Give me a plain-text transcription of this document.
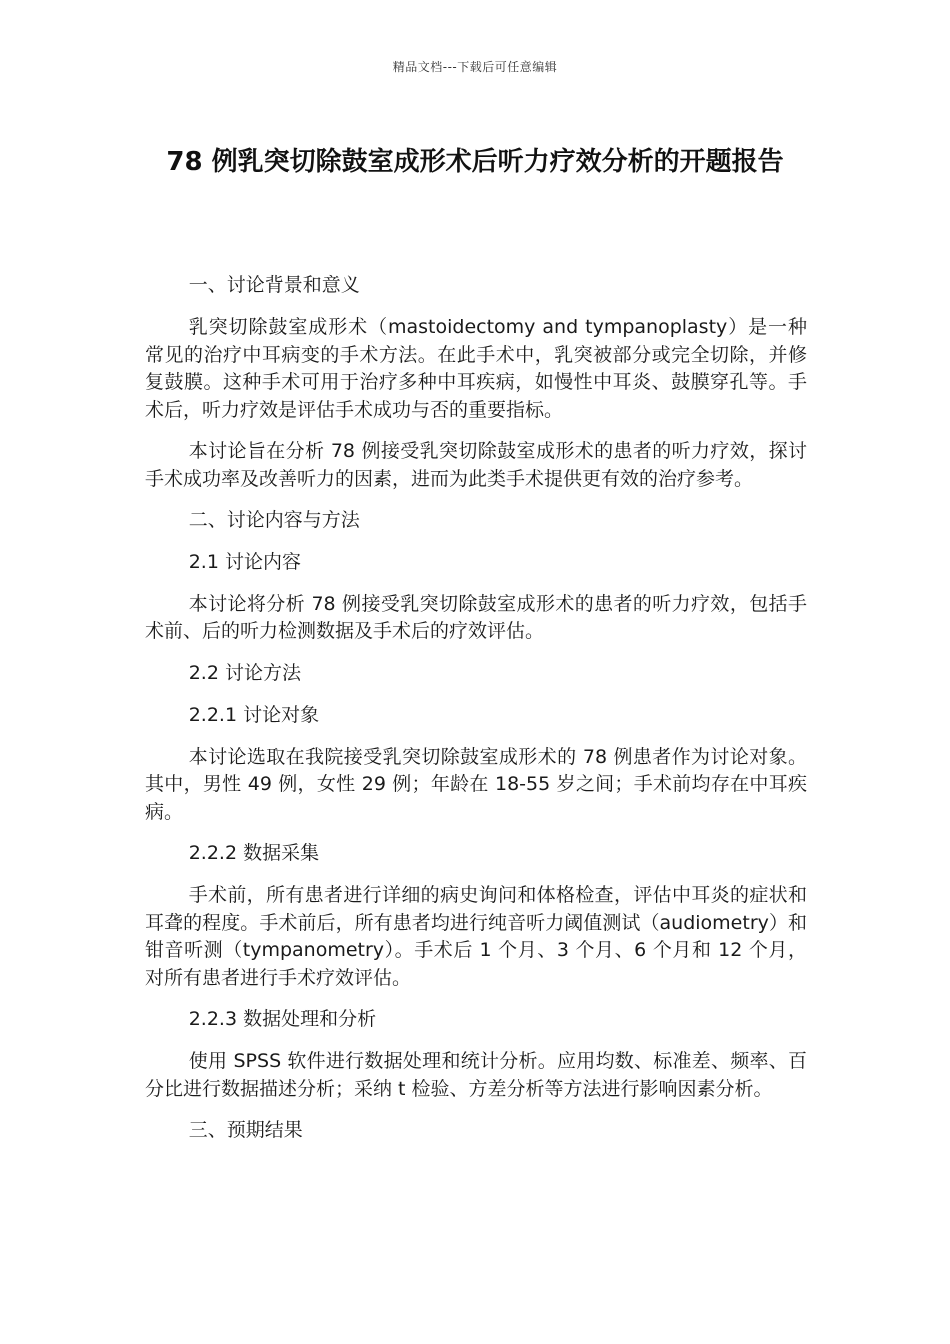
精品文档---下载后可任意编辑
78 例乳突切除鼓室成形术后听力疗效分析的开题报告

一、讨论背景和意义

乳突切除鼓室成形术（mastoidectomy and tympanoplasty）是一种常见的治疗中耳病变的手术方法。在此手术中，乳突被部分或完全切除，并修复鼓膜。这种手术可用于治疗多种中耳疾病，如慢性中耳炎、鼓膜穿孔等。手术后，听力疗效是评估手术成功与否的重要指标。

本讨论旨在分析 78 例接受乳突切除鼓室成形术的患者的听力疗效，探讨手术成功率及改善听力的因素，进而为此类手术提供更有效的治疗参考。

二、讨论内容与方法

2.1 讨论内容

本讨论将分析 78 例接受乳突切除鼓室成形术的患者的听力疗效，包括手术前、后的听力检测数据及手术后的疗效评估。

2.2 讨论方法

2.2.1 讨论对象

本讨论选取在我院接受乳突切除鼓室成形术的 78 例患者作为讨论对象。其中，男性 49 例，女性 29 例；年龄在 18-55 岁之间；手术前均存在中耳疾病。

2.2.2 数据采集

手术前，所有患者进行详细的病史询问和体格检查，评估中耳炎的症状和耳聋的程度。手术前后，所有患者均进行纯音听力阈值测试（audiometry）和钳音听测（tympanometry）。手术后 1 个月、3 个月、6 个月和 12 个月，对所有患者进行手术疗效评估。

2.2.3 数据处理和分析

使用 SPSS 软件进行数据处理和统计分析。应用均数、标准差、频率、百分比进行数据描述分析；采纳 t 检验、方差分析等方法进行影响因素分析。

三、预期结果
